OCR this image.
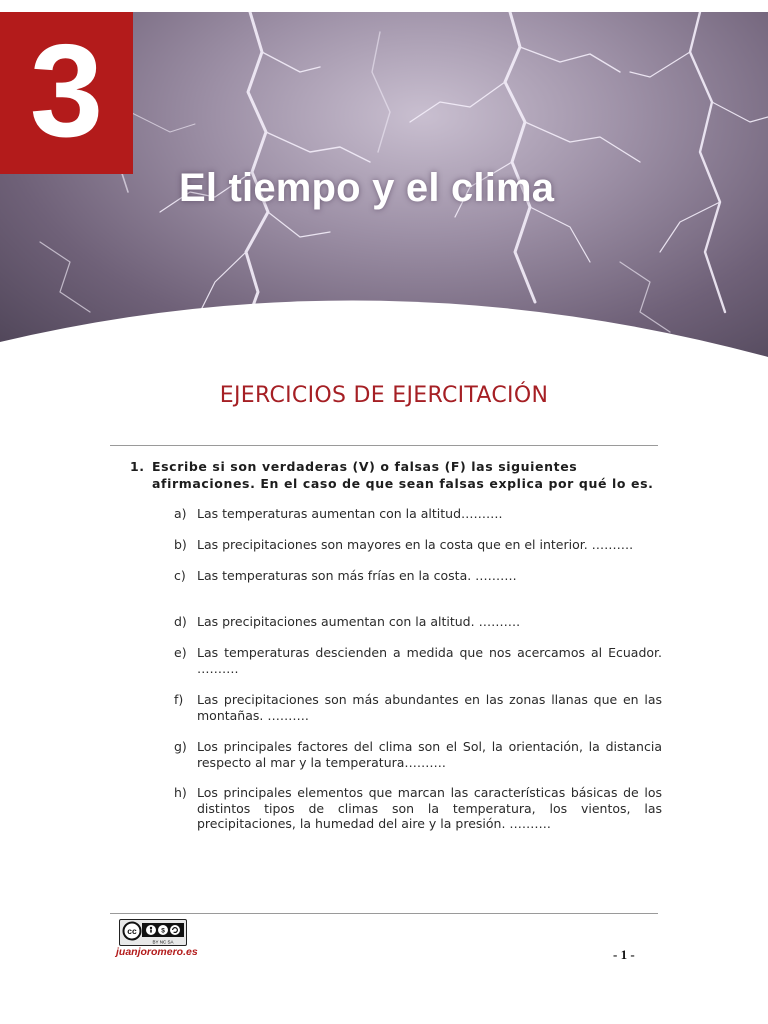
3
El tiempo y el clima
EJERCICIOS DE EJERCITACIÓN
1. Escribe si son verdaderas (V) o falsas (F) las siguientes afirmaciones. En el caso de que sean falsas explica por qué lo es.
a) Las temperaturas aumentan con la altitud……….
b) Las precipitaciones son mayores en la costa que en el interior. ……….
c) Las temperaturas son más frías en la costa. ……….
d) Las precipitaciones aumentan con la altitud. ……….
e) Las temperaturas descienden a medida que nos acercamos al Ecuador. ……….
f)	Las precipitaciones son más abundantes en las zonas llanas que en las montañas. ……….
g) Los principales factores del clima son el Sol, la orientación, la distancia respecto al mar y la temperatura……….
h) Los principales elementos que marcan las características básicas de los distintos tipos de climas son la temperatura, los vientos, las precipitaciones, la humedad del aire y la presión. ……….
cc	$
BY NC SA
juanjoromero.es	- 1 -
